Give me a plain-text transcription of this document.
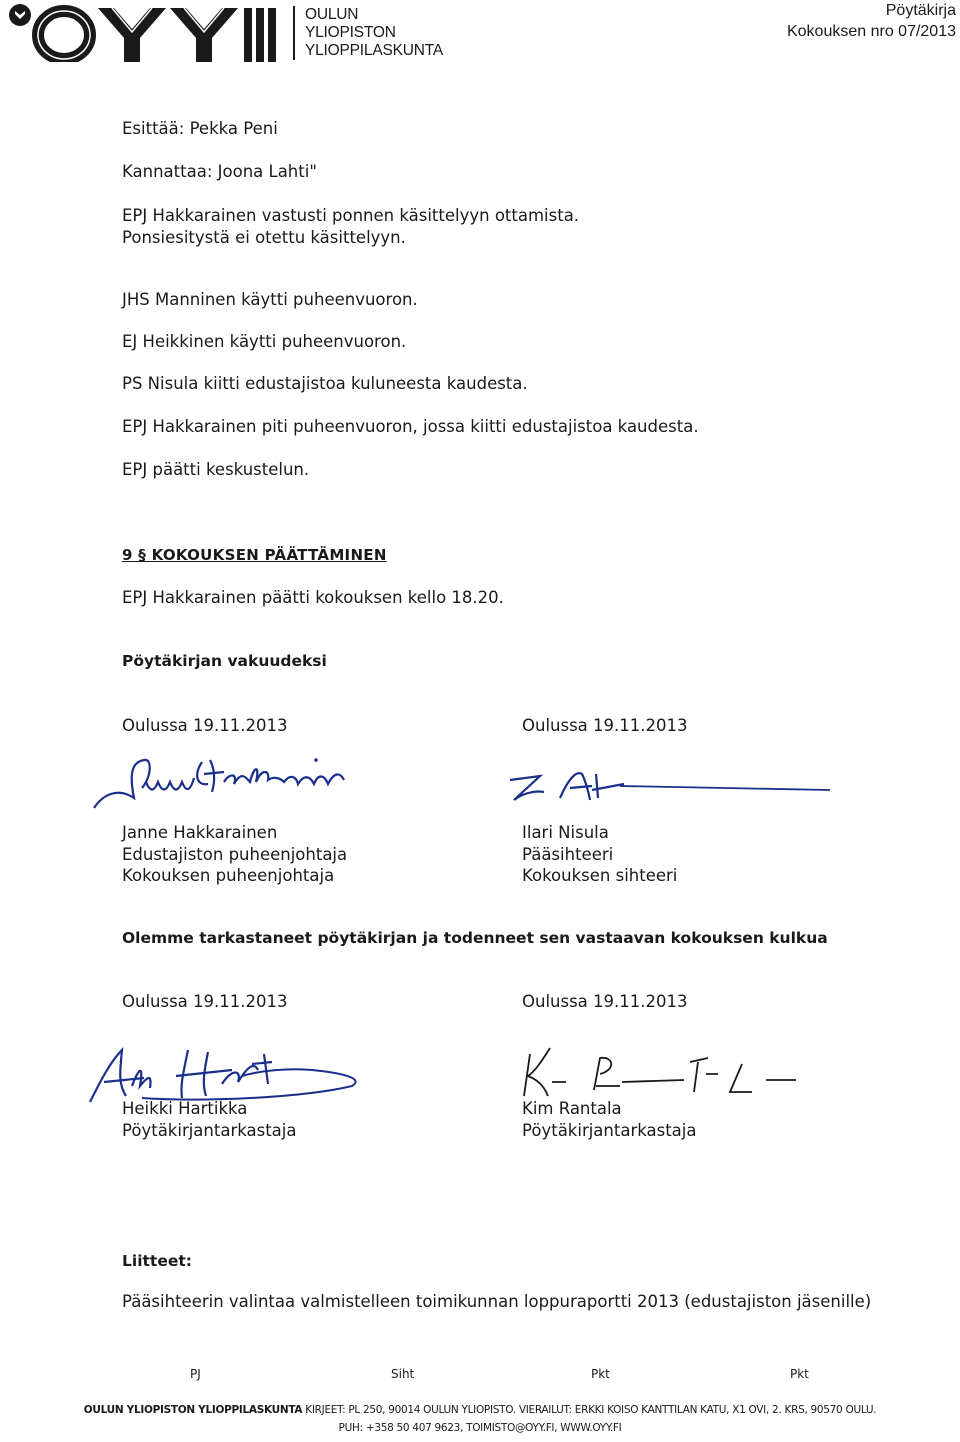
OULUN
YLIOPISTON
YLIOPPILASKUNTA
Pöytäkirja
Kokouksen nro 07/2013
Esittää: Pekka Peni
Kannattaa: Joona Lahti"
EPJ Hakkarainen vastusti ponnen käsittelyyn ottamista.
Ponsiesitystä ei otettu käsittelyyn.
JHS Manninen käytti puheenvuoron.
EJ Heikkinen käytti puheenvuoron.
PS Nisula kiitti edustajistoa kuluneesta kaudesta.
EPJ Hakkarainen piti puheenvuoron, jossa kiitti edustajistoa kaudesta.
EPJ päätti keskustelun.
9 § KOKOUKSEN PÄÄTTÄMINEN
EPJ Hakkarainen päätti kokouksen kello 18.20.
Pöytäkirjan vakuudeksi
Oulussa 19.11.2013	Oulussa 19.11.2013
Janne Hakkarainen
Edustajiston puheenjohtaja
Kokouksen puheenjohtaja
Ilari Nisula
Pääsihteeri
Kokouksen sihteeri
Olemme tarkastaneet pöytäkirjan ja todenneet sen vastaavan kokouksen kulkua
Oulussa 19.11.2013	Oulussa 19.11.2013
Heikki Hartikka
Pöytäkirjantarkastaja
Kim Rantala
Pöytäkirjantarkastaja
Liitteet:
Pääsihteerin valintaa valmistelleen toimikunnan loppuraportti 2013 (edustajiston jäsenille)
PJ	Siht	Pkt	Pkt
OULUN YLIOPISTON YLIOPPILASKUNTA KIRJEET: PL 250, 90014 OULUN YLIOPISTO. VIERAILUT: ERKKI KOISO KANTTILAN KATU, X1 OVI, 2. KRS, 90570 OULU.
PUH: +358 50 407 9623, TOIMISTO@OYY.FI, WWW.OYY.FI
